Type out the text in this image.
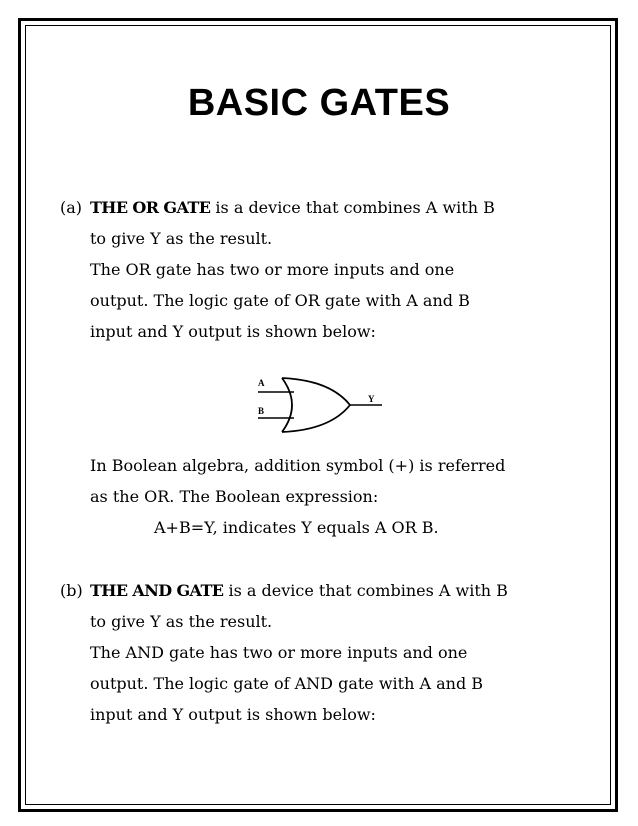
BASIC GATES
(a) THE OR GATE is a device that combines A with B
to give Y as the result.
The OR gate has two or more inputs and one
output. The logic gate of OR gate with A and B
input and Y output is shown below:
A
B
Y
In Boolean algebra, addition symbol (+) is referred
as the OR. The Boolean expression:
A+B=Y, indicates Y equals A OR B.
(b) THE AND GATE is a device that combines A with B
to give Y as the result.
The AND gate has two or more inputs and one
output. The logic gate of AND gate with A and B
input and Y output is shown below:
